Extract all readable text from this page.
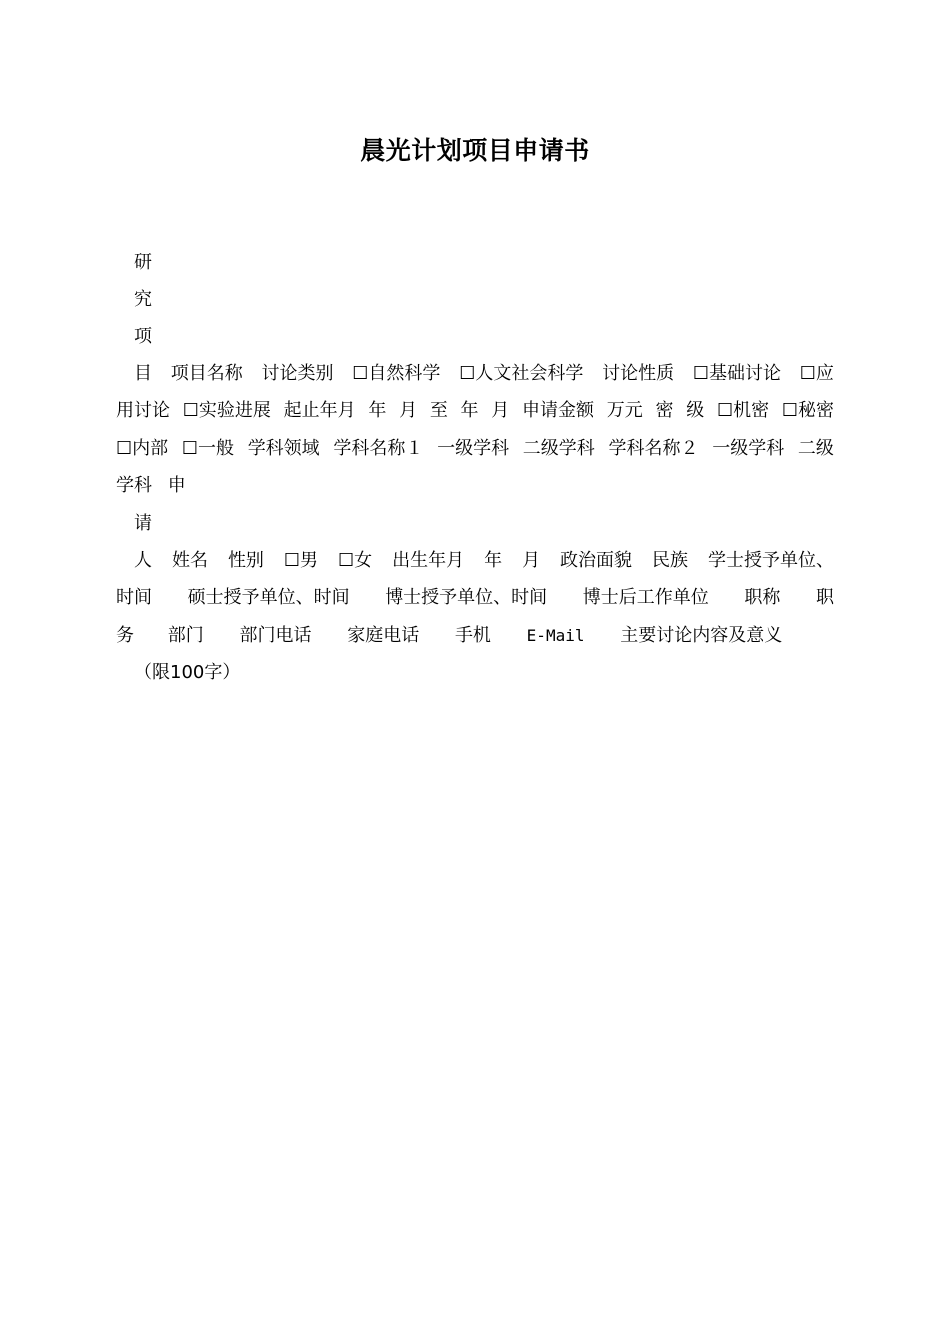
晨光计划项目申请书
研
究
项
目 项目名称 讨论类别 ☐自然科学 ☐人文社会科学 讨论性质 ☐基础讨论 ☐应
用讨论 ☐实验进展 起止年月 年 月 至 年 月 申请金额 万元 密 级 ☐机密 ☐秘密
☐内部 ☐一般 学科领域 学科名称１ 一级学科 二级学科 学科名称２ 一级学科 二级
学科 申
请
人 姓名 性别 ☐男 ☐女 出生年月 年 月 政治面貌 民族 学士授予单位、
时间 硕士授予单位、时间 博士授予单位、时间 博士后工作单位 职称 职
务 部门 部门电话 家庭电话 手机 E-Mail 主要讨论内容及意义
（限100字）
